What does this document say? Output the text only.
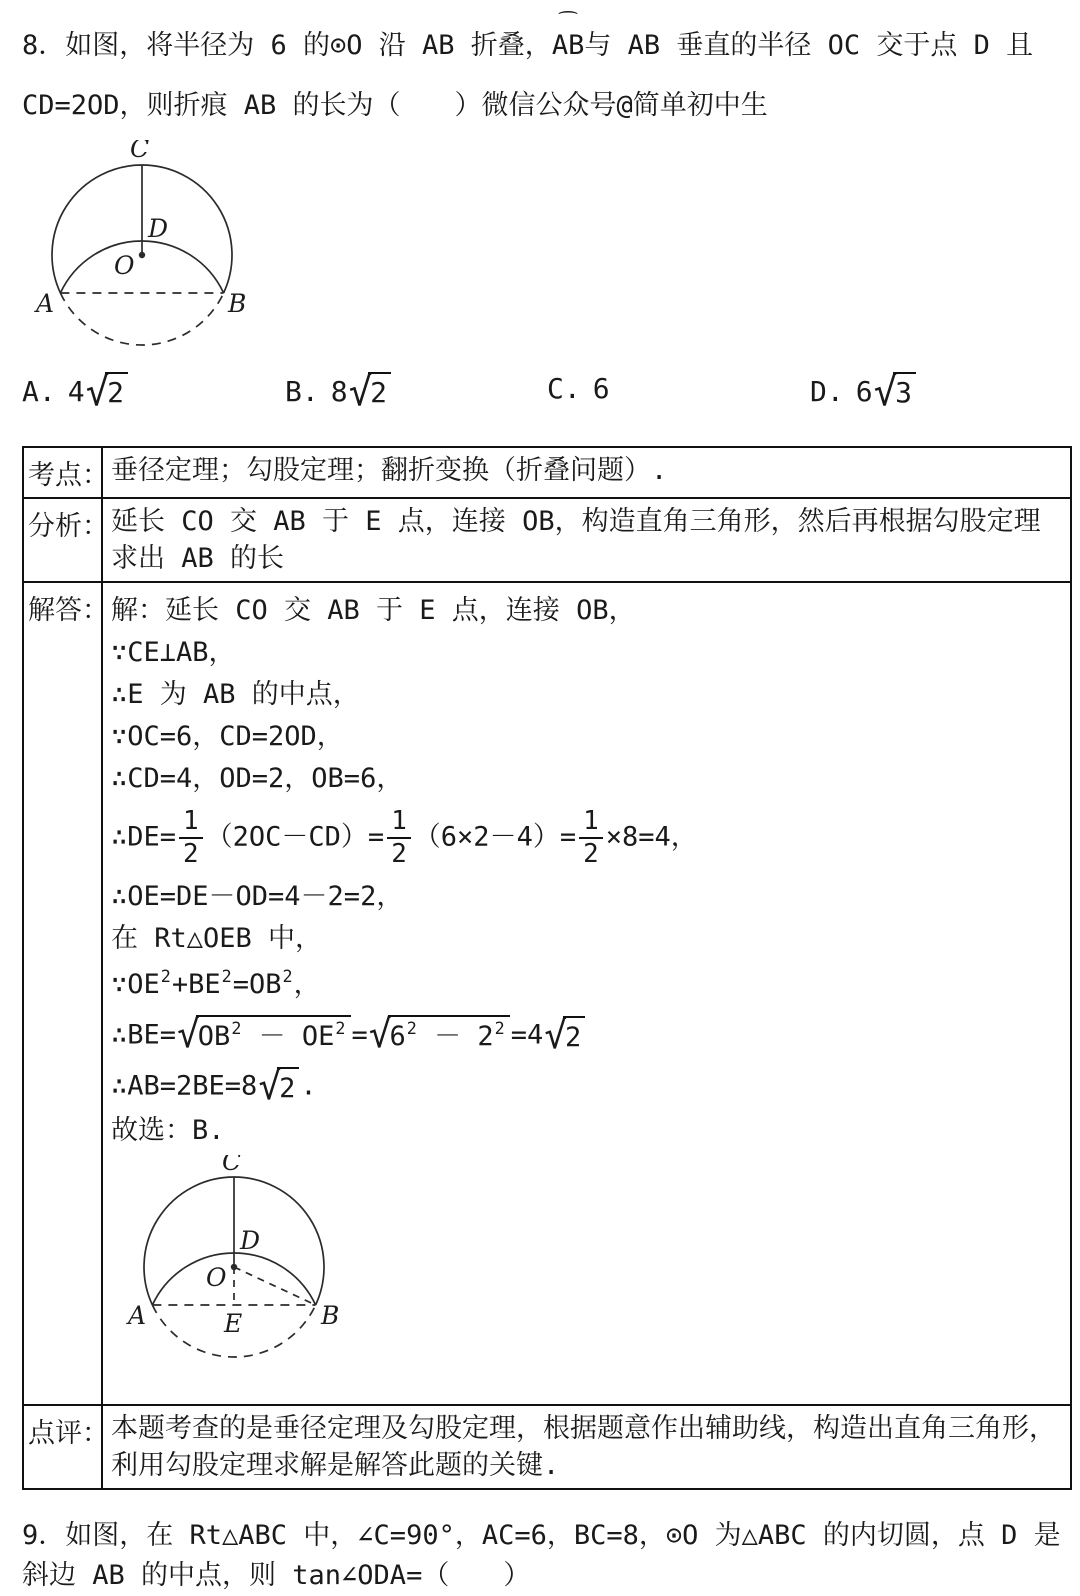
8．如图，将半径为 6 的⊙O 沿 AB 折叠，
⌢
AB与 AB 垂直的半径 OC 交于点 D 且 CD=2OD，则折痕 AB 的长为（　　）微信公众号@简单初中生

C
D
O
A	B
A. 4 √
2	B. 8 √
2	C. 6	D. 6 √
3
考点：	垂径定理；勾股定理；翻折变换（折叠问题）.
分析：	延长 CO 交 AB 于 E 点，连接 OB，构造直角三角形，然后再根据勾股定理求出 AB 的长
解答：	解：延长 CO 交 AB 于 E 点，连接 OB，
∵CE⊥AB，
∴E 为 AB 的中点，
∵OC=6，CD=2OD，
∴CD=4，OD=2，OB=6，
∴DE= $\frac{1}{2} (2OC-CD)= \frac{1}{2} (6\times 2-4)= \frac{1}{2} \times 8=4$，
∴OE=DE－OD=4－2=2，
在 Rt△OEB 中，
$\because OE^2+BE^2=OB^2$，
∴BE= √
$OB^2 - OE^2$ = √
$6^2 - 2^2 =4$ √
2
∴AB=2BE=8 √
2 .
故选：B.
C
D
O
A	E	B

点评：	本题考查的是垂径定理及勾股定理，根据题意作出辅助线，构造出直角三角形，利用勾股定理求解是解答此题的关键.

9．如图，在 Rt△ABC 中，∠C=90°，AC=6，BC=8，⊙O 为△ABC 的内切圆，点 D 是斜边 AB 的中点，则 tan∠ODA=（　　）
